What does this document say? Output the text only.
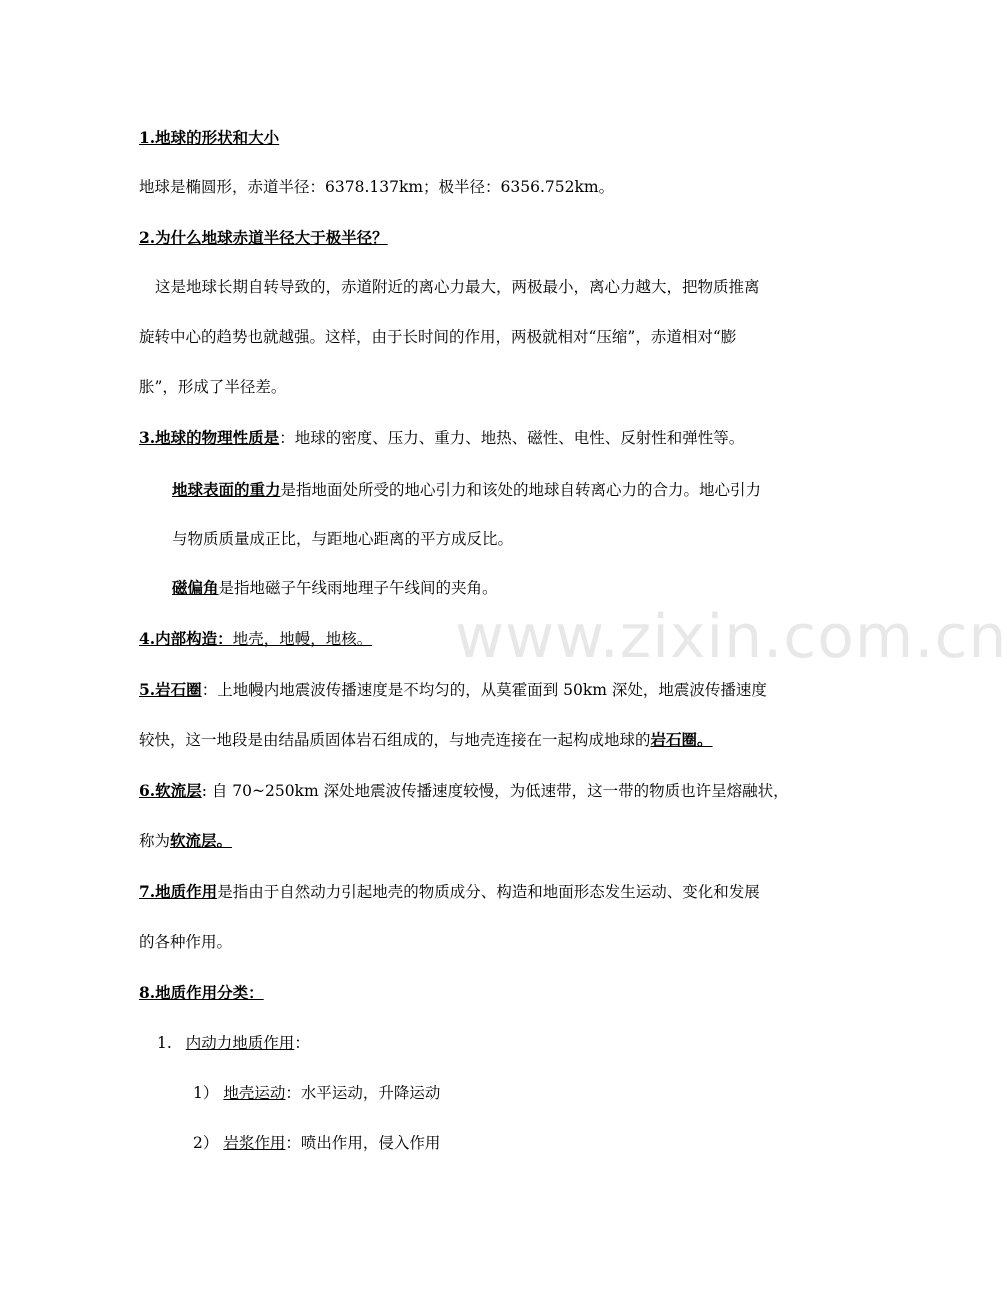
www.zixin.com.cn
1.地球的形状和大小
地球是椭圆形，赤道半径：6378.137km；极半径：6356.752km。
2.为什么地球赤道半径大于极半径？
这是地球长期自转导致的，赤道附近的离心力最大，两极最小，离心力越大，把物质推离
旋转中心的趋势也就越强。这样，由于长时间的作用，两极就相对“压缩”，赤道相对“膨
胀”，形成了半径差。
3.地球的物理性质是：地球的密度、压力、重力、地热、磁性、电性、反射性和弹性等。
地球表面的重力是指地面处所受的地心引力和该处的地球自转离心力的合力。地心引力
与物质质量成正比，与距地心距离的平方成反比。
磁偏角是指地磁子午线雨地理子午线间的夹角。
4.内部构造：地壳，地幔，地核。
5.岩石圈：上地幔内地震波传播速度是不均匀的，从莫霍面到 50km 深处，地震波传播速度
较快，这一地段是由结晶质固体岩石组成的，与地壳连接在一起构成地球的岩石圈。
6.软流层: 自 70~250km 深处地震波传播速度较慢，为低速带，这一带的物质也许呈熔融状，
称为软流层。
7.地质作用是指由于自然动力引起地壳的物质成分、构造和地面形态发生运动、变化和发展
的各种作用。
8.地质作用分类：
1. 内动力地质作用：
1） 地壳运动：水平运动，升降运动
2） 岩浆作用：喷出作用，侵入作用
